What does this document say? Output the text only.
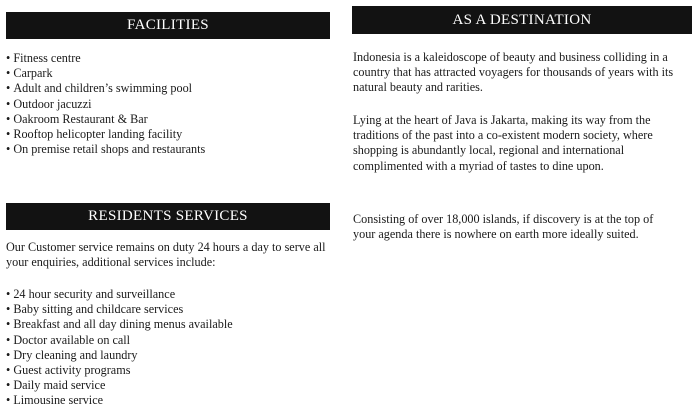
FACILITIES
• Fitness centre
• Carpark
• Adult and children’s swimming pool
• Outdoor jacuzzi
• Oakroom Restaurant & Bar
• Rooftop helicopter landing facility
• On premise retail shops and restaurants
RESIDENTS SERVICES

Our Customer service remains on duty 24 hours a day to serve all your enquiries, additional services include:

• 24 hour security and surveillance
• Baby sitting and childcare services
• Breakfast and all day dining menus available
• Doctor available on call
• Dry cleaning and laundry
• Guest activity programs
• Daily maid service
• Limousine service
AS A DESTINATION

Indonesia is a kaleidoscope of beauty and business colliding in a country that has attracted voyagers for thousands of years with its natural beauty and rarities.

Lying at the heart of Java is Jakarta, making its way from the traditions of the past into a co-existent modern society, where shopping is abundantly local, regional and international complimented with a myriad of tastes to dine upon.

Consisting of over 18,000 islands, if discovery is at the top of your agenda there is nowhere on earth more ideally suited.
